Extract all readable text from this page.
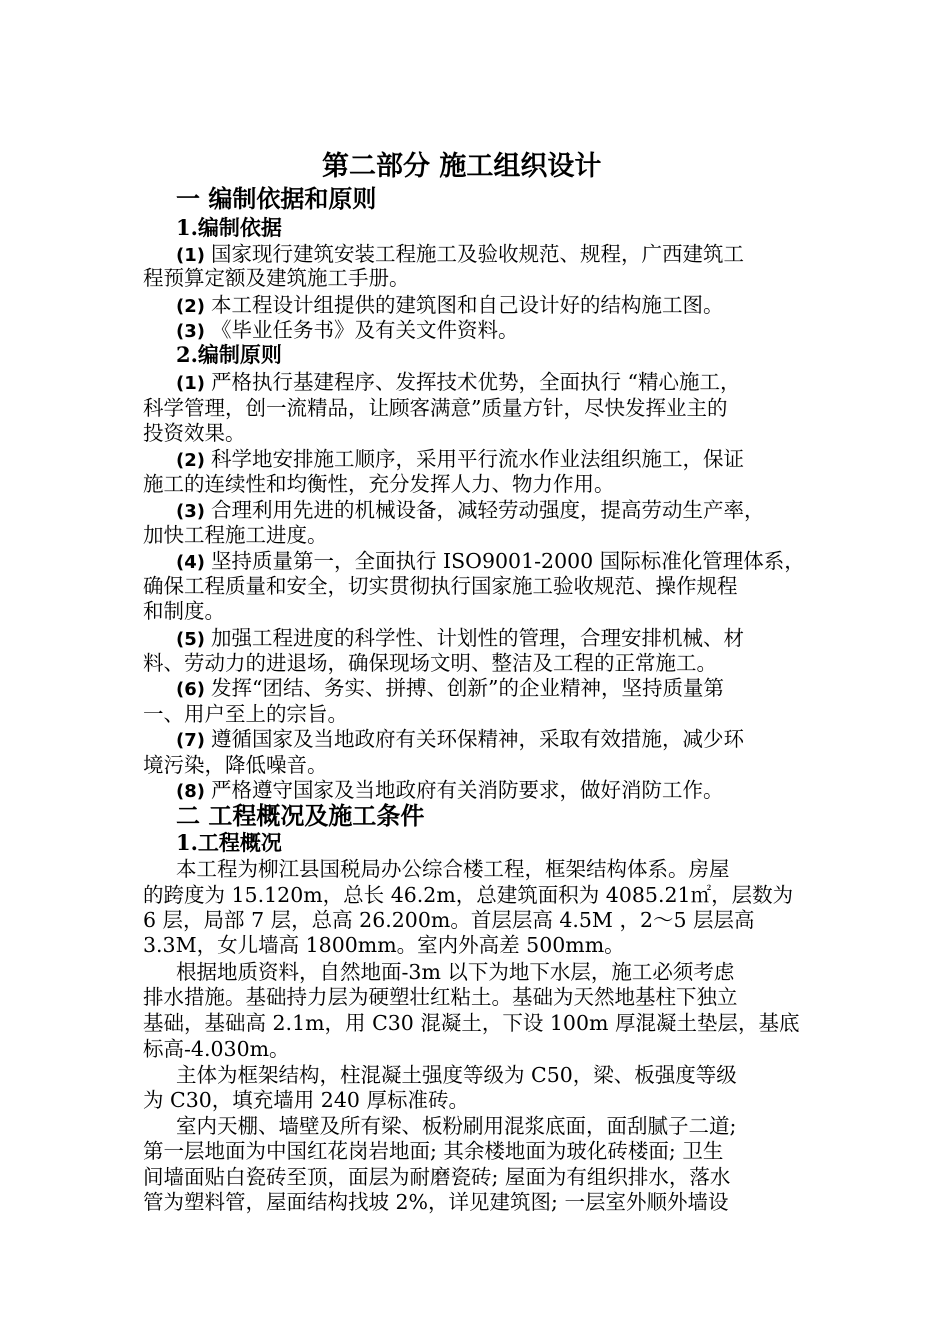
第二部分 施工组织设计
一 编制依据和原则
1.编制依据
(1) 国家现行建筑安装工程施工及验收规范、规程，广西建筑工
程预算定额及建筑施工手册。
(2) 本工程设计组提供的建筑图和自己设计好的结构施工图。
(3) 《毕业任务书》及有关文件资料。
2.编制原则
(1) 严格执行基建程序、发挥技术优势，全面执行 “精心施工，
科学管理，创一流精品，让顾客满意”质量方针，尽快发挥业主的
投资效果。
(2) 科学地安排施工顺序，采用平行流水作业法组织施工，保证
施工的连续性和均衡性，充分发挥人力、物力作用。
(3) 合理利用先进的机械设备，减轻劳动强度，提高劳动生产率，
加快工程施工进度。
(4) 坚持质量第一，全面执行 ISO9001-2000 国际标准化管理体系，
确保工程质量和安全，切实贯彻执行国家施工验收规范、操作规程
和制度。
(5) 加强工程进度的科学性、计划性的管理，合理安排机械、材
料、劳动力的进退场，确保现场文明、整洁及工程的正常施工。
(6) 发挥“团结、务实、拼搏、创新”的企业精神，坚持质量第
一、用户至上的宗旨。
(7) 遵循国家及当地政府有关环保精神，采取有效措施，减少环
境污染，降低噪音。
(8) 严格遵守国家及当地政府有关消防要求，做好消防工作。
二 工程概况及施工条件
1.工程概况
本工程为柳江县国税局办公综合楼工程，框架结构体系。房屋
的跨度为 15.120m，总长 46.2m，总建筑面积为 4085.21㎡，层数为
6 层，局部 7 层，总高 26.200m。首层层高 4.5M ，2～5 层层高
3.3M，女儿墙高 1800mm。室内外高差 500mm。
根据地质资料，自然地面-3m 以下为地下水层，施工必须考虑
排水措施。基础持力层为硬塑壮红粘土。基础为天然地基柱下独立
基础，基础高 2.1m，用 C30 混凝土，下设 100m 厚混凝土垫层，基底
标高-4.030m。
主体为框架结构，柱混凝土强度等级为 C50，梁、板强度等级
为 C30，填充墙用 240 厚标准砖。
室内天棚、墙壁及所有梁、板粉刷用混浆底面，面刮腻子二道;
第一层地面为中国红花岗岩地面; 其余楼地面为玻化砖楼面; 卫生
间墙面贴白瓷砖至顶，面层为耐磨瓷砖; 屋面为有组织排水，落水
管为塑料管，屋面结构找坡 2%，详见建筑图; 一层室外顺外墙设
